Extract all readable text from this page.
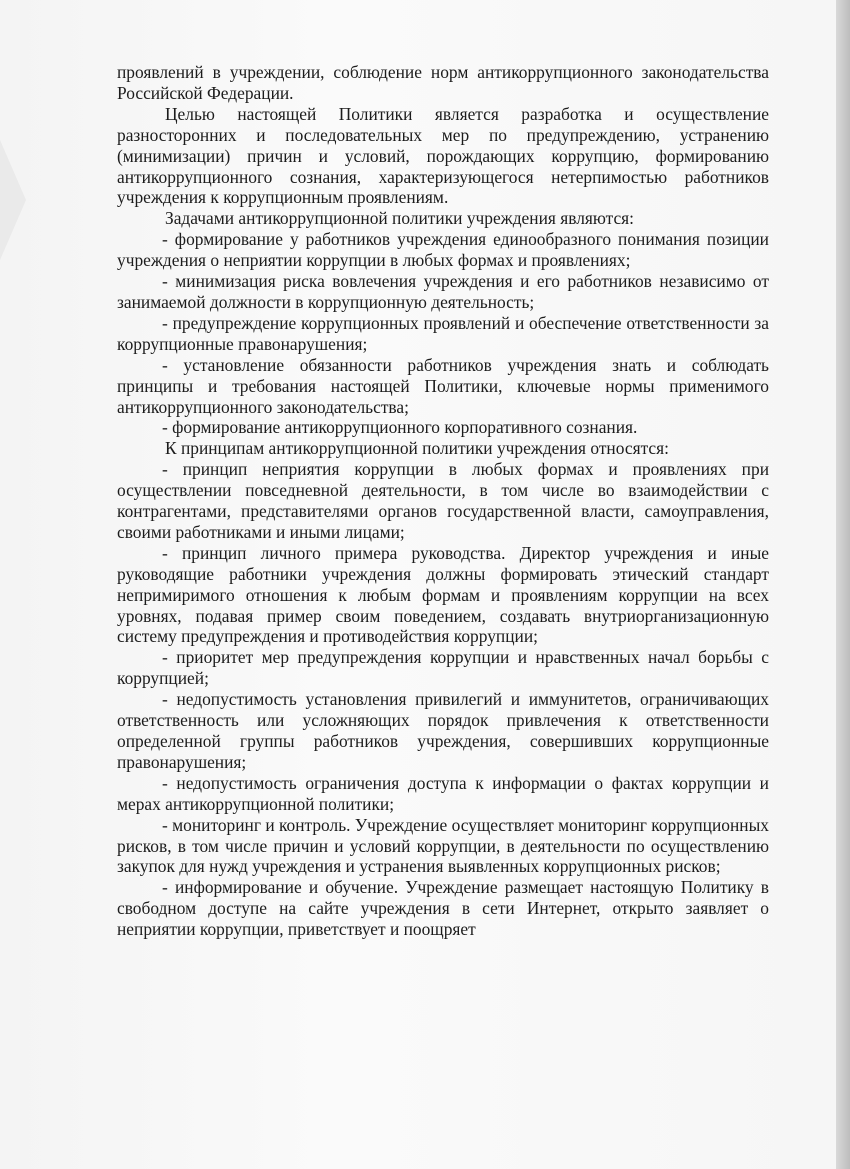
проявлений в учреждении, соблюдение норм антикоррупционного законодательства Российской Федерации.

Целью настоящей Политики является разработка и осуществление разносторонних и последовательных мер по предупреждению, устранению (минимизации) причин и условий, порождающих коррупцию, формированию антикоррупционного сознания, характеризующегося нетерпимостью работников учреждения к коррупционным проявлениям.

Задачами антикоррупционной политики учреждения являются:

- формирование у работников учреждения единообразного понимания позиции учреждения о неприятии коррупции в любых формах и проявлениях;

- минимизация риска вовлечения учреждения и его работников независимо от занимаемой должности в коррупционную деятельность;

- предупреждение коррупционных проявлений и обеспечение ответственности за коррупционные правонарушения;

- установление обязанности работников учреждения знать и соблюдать принципы и требования настоящей Политики, ключевые нормы применимого антикоррупционного законодательства;

- формирование антикоррупционного корпоративного сознания.

К принципам антикоррупционной политики учреждения относятся:

- принцип неприятия коррупции в любых формах и проявлениях при осуществлении повседневной деятельности, в том числе во взаимодействии с контрагентами, представителями органов государственной власти, самоуправления, своими работниками и иными лицами;

- принцип личного примера руководства. Директор учреждения и иные руководящие работники учреждения должны формировать этический стандарт непримиримого отношения к любым формам и проявлениям коррупции на всех уровнях, подавая пример своим поведением, создавать внутриорганизационную систему предупреждения и противодействия коррупции;

- приоритет мер предупреждения коррупции и нравственных начал борьбы с коррупцией;

- недопустимость установления привилегий и иммунитетов, ограничивающих ответственность или усложняющих порядок привлечения к ответственности определенной группы работников учреждения, совершивших коррупционные правонарушения;

- недопустимость ограничения доступа к информации о фактах коррупции и мерах антикоррупционной политики;

- мониторинг и контроль. Учреждение осуществляет мониторинг коррупционных рисков, в том числе причин и условий коррупции, в деятельности по осуществлению закупок для нужд учреждения и устранения выявленных коррупционных рисков;

- информирование и обучение. Учреждение размещает настоящую Политику в свободном доступе на сайте учреждения в сети Интернет, открыто заявляет о неприятии коррупции, приветствует и поощряет
